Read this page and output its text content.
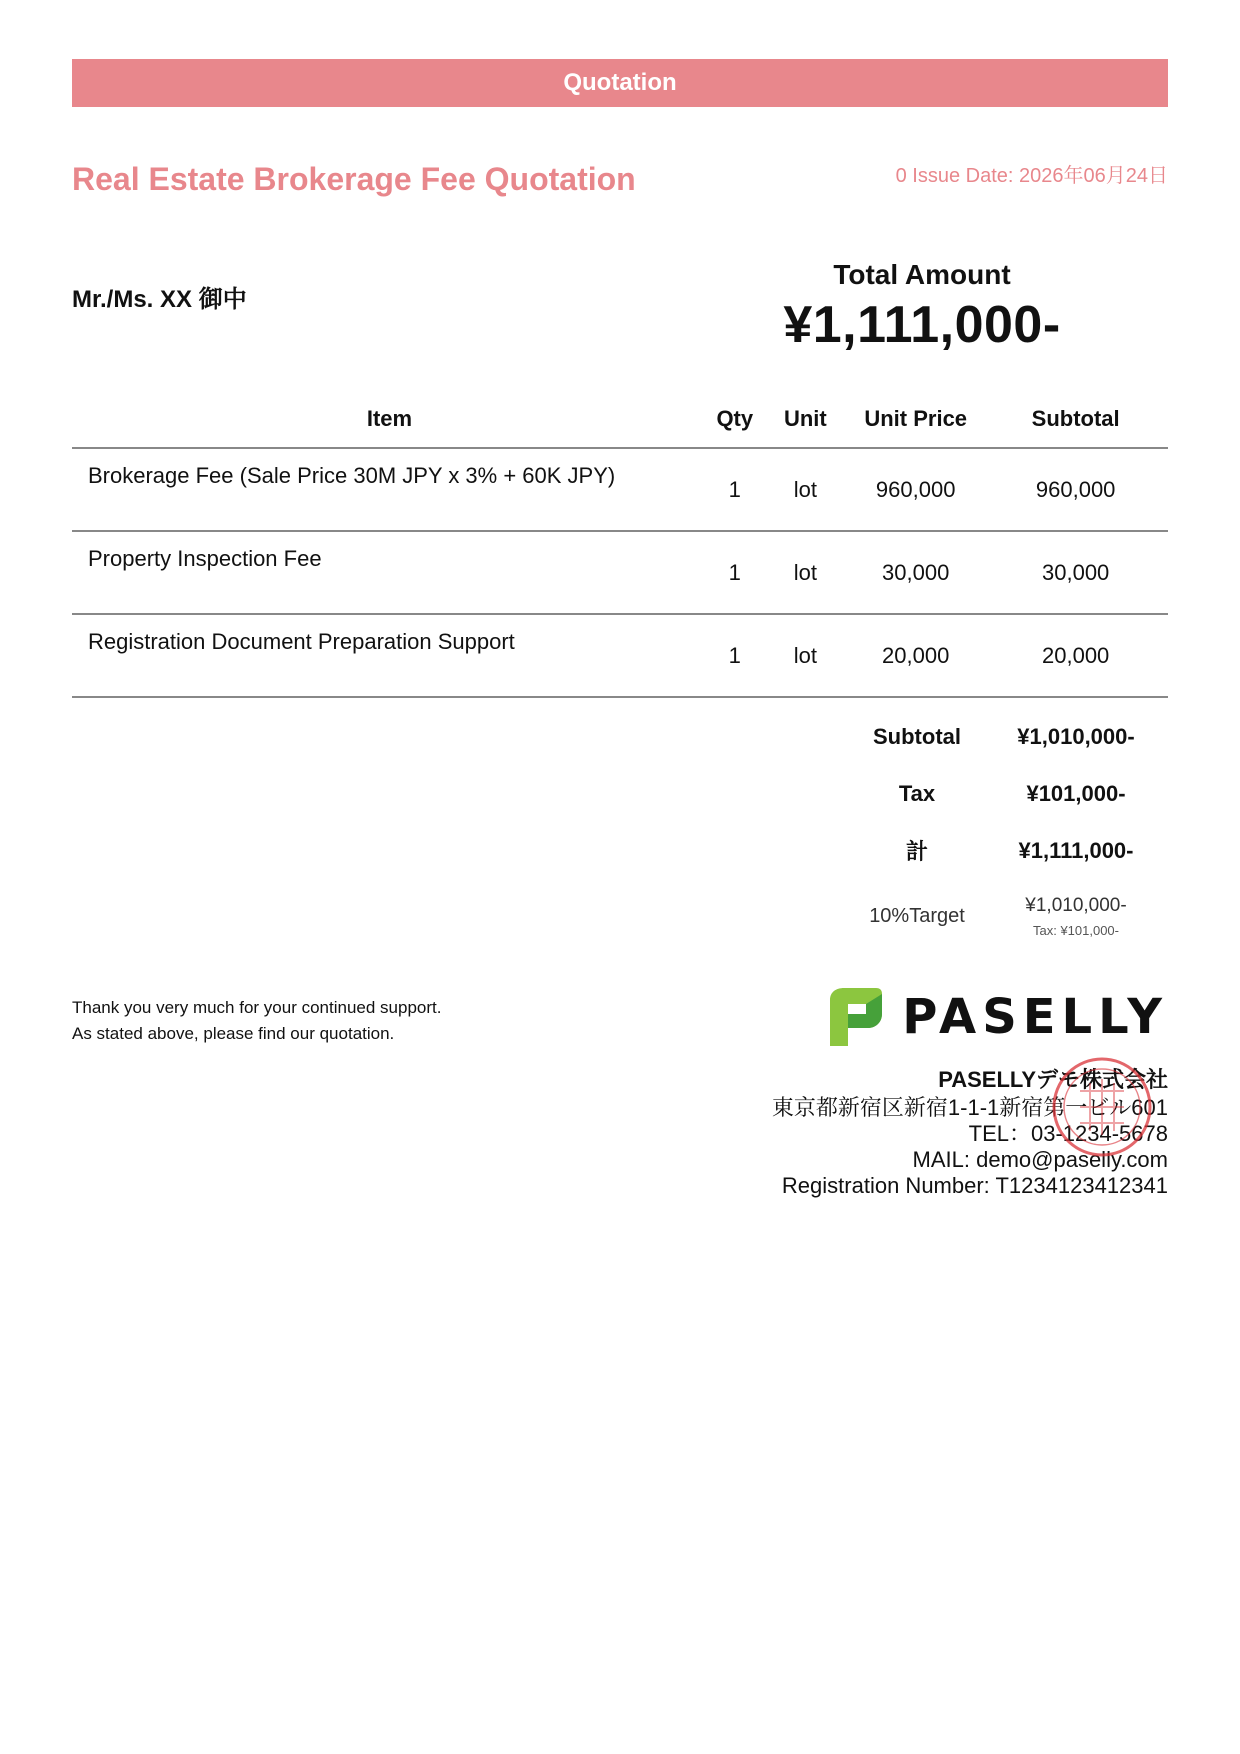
Quotation
Real Estate Brokerage Fee Quotation	0 Issue Date: 2026年06月24日
Mr./Ms. XX 御中
Total Amount
¥1,111,000-
Item	Qty	Unit	Unit Price	Subtotal
Brokerage Fee (Sale Price 30M JPY x 3% + 60K JPY)	1	lot	960,000	960,000
Property Inspection Fee	1	lot	30,000	30,000
Registration Document Preparation Support	1	lot	20,000	20,000
Subtotal	¥1,010,000-
Tax	¥101,000-
計	¥1,111,000-
10%Target	¥1,010,000-
Tax: ¥101,000-
Thank you very much for your continued support.
As stated above, please find our quotation.	PASELLY
PASELLYデモ株式会社
東京都新宿区新宿1-1-1新宿第一ビル601
TEL：03-1234-5678
MAIL: demo@paselly.com
Registration Number: T1234123412341
